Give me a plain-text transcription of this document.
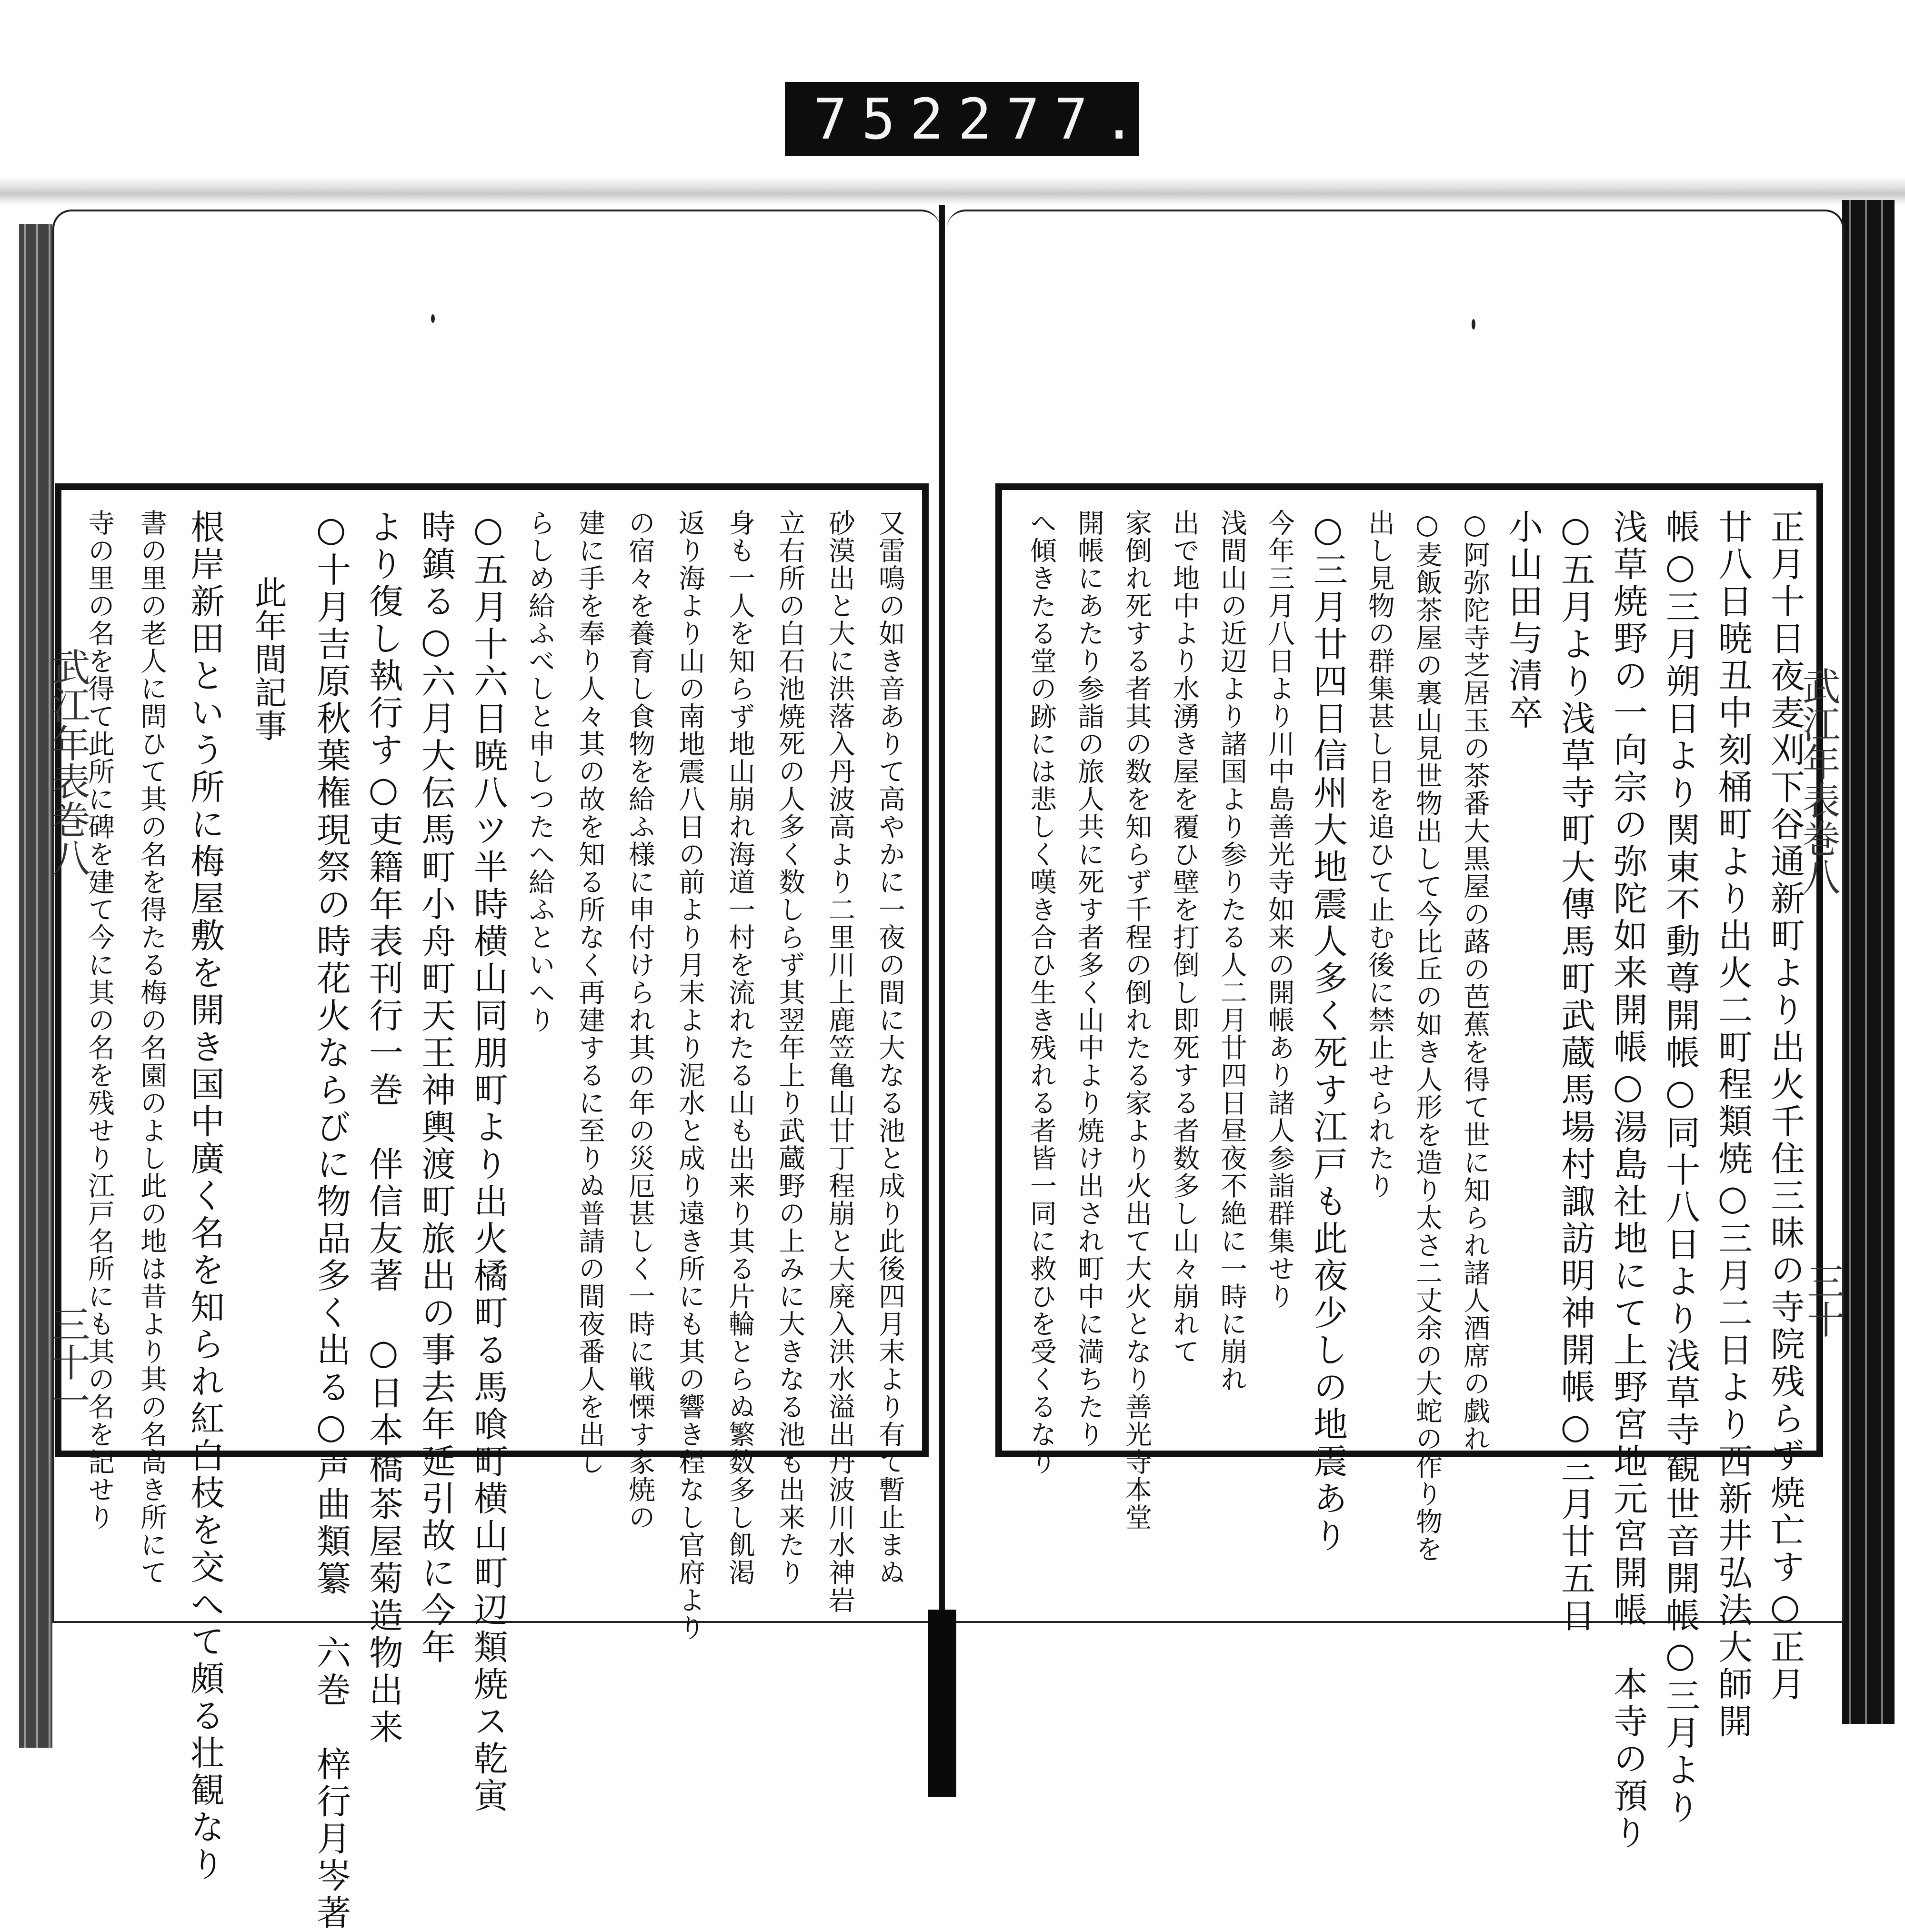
752 277.
又雷鳴の如き音ありて高やかに一夜の間に大なる池と成り此後四月末より有て暫止まぬ
砂漠出と大に洪落入丹波高より二里川上鹿笠亀山廿丁程崩と大廃入洪水溢出丹波川水神岩
立右所の白石池焼死の人多く数しらず其翌年上り武蔵野の上みに大きなる池も出来たり
身も一人を知らず地山崩れ海道一村を流れたる山も出来り其る片輪とらぬ繁数多し飢渇
返り海より山の南地震八日の前より月末より泥水と成り遠き所にも其の響き程なし官府より
の宿々を養育し食物を給ふ様に申付けられ其の年の災厄甚しく一時に戦慄す家焼の
建に手を奉り人々其の故を知る所なく再建するに至りぬ普請の間夜番人を出し
らしめ給ふべしと申しつたへ給ふといへり
○五月十六日暁八ツ半時横山同朋町より出火橘町る馬喰町横山町辺類焼ス乾寅
時鎮る○六月大伝馬町小舟町天王神輿渡町旅出の事去年延引故に今年
より復し執行す○吏籍年表刊行一巻　伴信友著　○日本橋茶屋菊造物出来
○十月吉原秋葉権現祭の時花火ならびに物品多く出る○声曲類纂　六巻　梓行月岑著
此年間記事
根岸新田という所に梅屋敷を開き国中廣く名を知られ紅白枝を交へて頗る壮観なり
書の里の老人に問ひて其の名を得たる梅の名園のよし此の地は昔より其の名高き所にて
寺の里の名を得て此所に碑を建て今に其の名を残せり江戸名所にも其の名を記せり	正月十日夜麦刈下谷通新町より出火千住三昧の寺院残らず焼亡す○正月
廿八日暁丑中刻桶町より出火二町程類焼○三月二日より西新井弘法大師開
帳○三月朔日より関東不動尊開帳○同十八日より浅草寺観世音開帳○三月より
浅草焼野の一向宗の弥陀如来開帳○湯島社地にて上野宮地元宮開帳　本寺の預り
○五月より浅草寺町大傳馬町武蔵馬場村諏訪明神開帳○三月廿五日
小山田与清卒
○阿弥陀寺芝居玉の茶番大黒屋の蕗の芭蕉を得て世に知られ諸人酒席の戯れ
○麦飯茶屋の裏山見世物出して今比丘の如き人形を造り太さ二丈余の大蛇の作り物を
出し見物の群集甚し日を追ひて止む後に禁止せられたり
○三月廿四日信州大地震人多く死す江戸も此夜少しの地震あり
今年三月八日より川中島善光寺如来の開帳あり諸人参詣群集せり
浅間山の近辺より諸国より参りたる人二月廿四日昼夜不絶に一時に崩れ
出で地中より水湧き屋を覆ひ壁を打倒し即死する者数多し山々崩れて
家倒れ死する者其の数を知らず千程の倒れたる家より火出て大火となり善光寺本堂
開帳にあたり参詣の旅人共に死す者多く山中より焼け出され町中に満ちたり
へ傾きたる堂の跡には悲しく嘆き合ひ生き残れる者皆一同に救ひを受くるなり
武江年表巻八
三十一
武江年表巻八
三十
